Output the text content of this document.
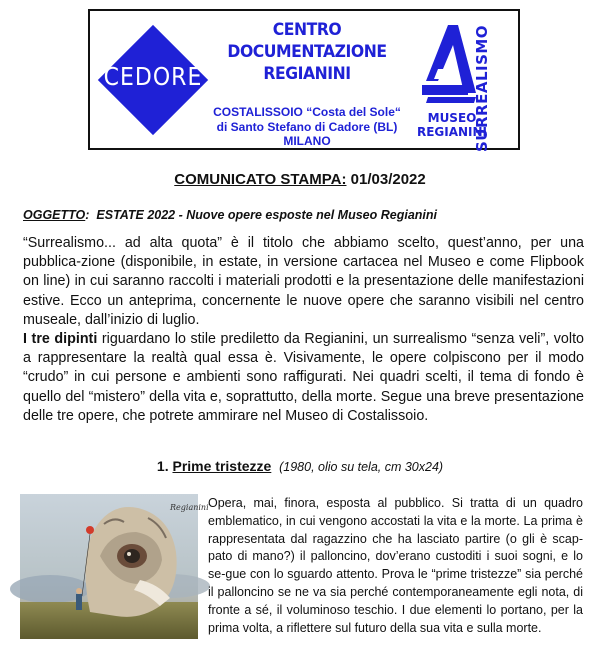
CEDORE
CENTRO
DOCUMENTAZIONE
REGIANINI
COSTALISSOIO “Costa del Sole“
di Santo Stefano di Cadore (BL)
MILANO	SURREALISMO
MUSEO
REGIANINI
COMUNICATO STAMPA: 01/03/2022
OGGETTO:  ESTATE 2022 - Nuove opere esposte nel Museo Regianini

“Surrealismo... ad alta quota” è il titolo che abbiamo scelto, quest’anno, per una pubblica-zione (disponibile, in estate, in versione cartacea nel Museo e come Flipbook on line) in cui saranno raccolti i materiali prodotti e la presentazione delle manifestazioni estive. Ecco un anteprima, concernente le nuove opere che saranno visibili nel centro museale, dall’inizio di luglio.

I tre dipinti riguardano lo stile prediletto da Regianini, un surrealismo “senza veli”, volto a rappresentare la realtà qual essa è. Visivamente, le opere colpiscono per il modo “crudo” in cui persone e ambienti sono raffigurati. Nei quadri scelti, il tema di fondo è quello del “mistero” della vita e, soprattutto, della morte. Segue una breve presentazione delle tre opere, che potrete ammirare nel Museo di Costalissoio.

1. Prime tristezze (1980, olio su tela, cm 30x24)
Regianini Opera, mai, finora, esposta al pubblico. Si tratta di un quadro emblematico, in cui vengono accostati la vita e la morte. La prima è rappresentata dal ragazzino che ha lasciato partire (o gli è scap-pato di mano?) il palloncino, dov’erano custoditi i suoi sogni, e lo se-gue con lo sguardo attento. Prova le “prime tristezze” sia perché il palloncino se ne va sia perché contemporaneamente egli nota, di fronte a sé, il voluminoso teschio. I due elementi lo portano, per la prima volta, a riflettere sul futuro della sua vita e sulla morte.
